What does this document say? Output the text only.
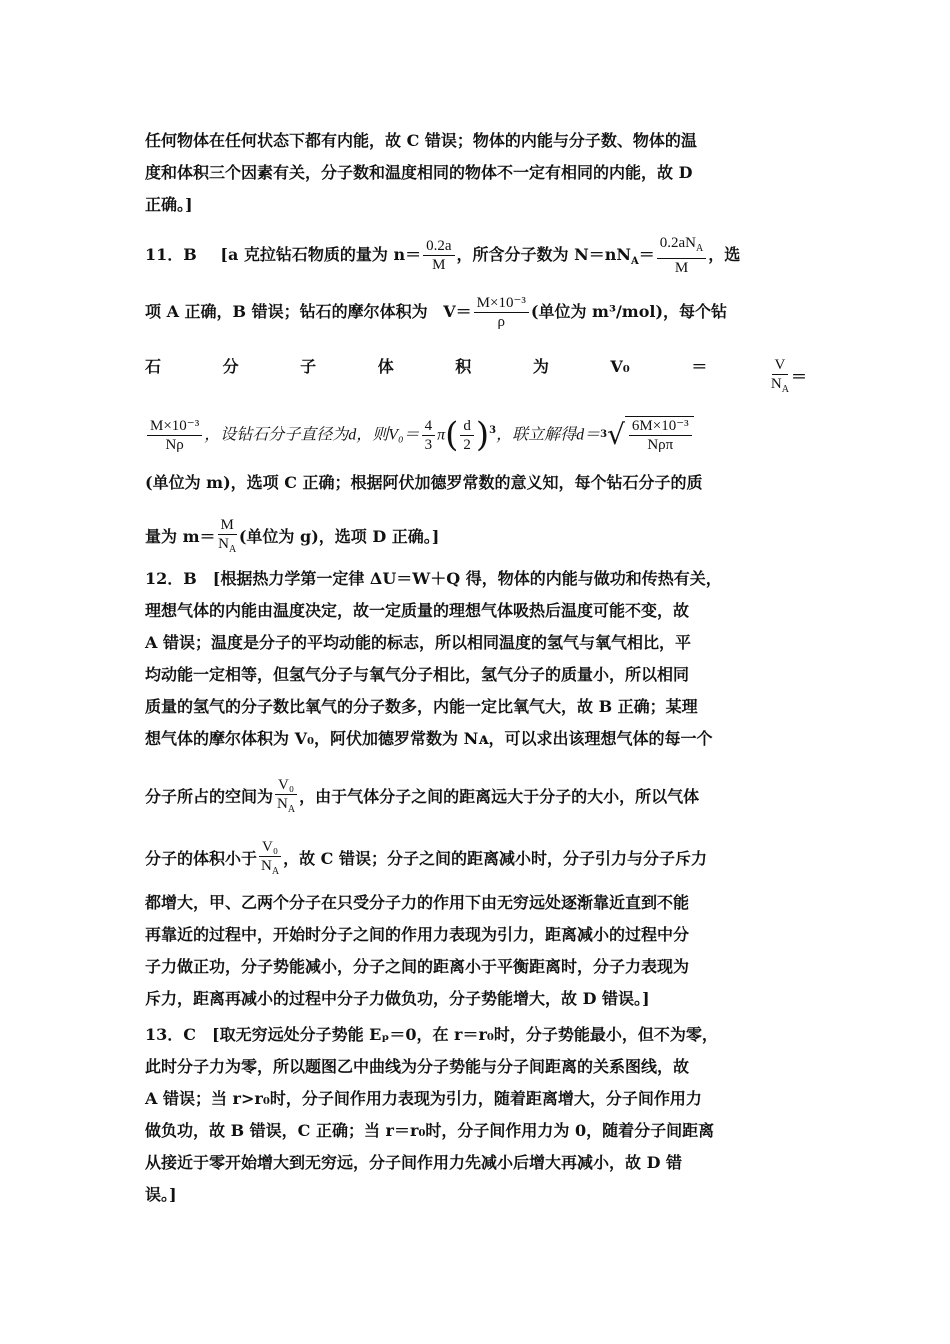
任何物体在任何状态下都有内能，故 C 错误；物体的内能与分子数、物体的温
度和体积三个因素有关，分子数和温度相同的物体不一定有相同的内能，故 D
正确。]
11．B [a 克拉钻石物质的量为 $n= \frac{0.2a}{M}$ ，所含分子数为 $N=nN_A= \frac{0.2aN_A}{M}$ ，选
项 A 正确，B 错误；钻石的摩尔体积为 $V= \frac{\text{M×10⁻³}}{\rho}$ (单位为 m³/mol)，每个钻
石	分	子	体	积	为	V₀	＝	$\frac{V}{N_A}$ ＝
$\frac{\text{M×10⁻³}}{N\rho}$ ，设钻石分子直径为d，则$V_0= \frac{4}{3} \pi( \frac{d}{2} )^3$，联立解得d＝ 3 √ $\frac{\text{6M×10⁻³}}{\text{Nρπ}}$
(单位为 m)，选项 C 正确；根据阿伏加德罗常数的意义知，每个钻石分子的质
量为 $m= \frac{M}{N_A}$ (单位为 g)，选项 D 正确。]
12．B　[根据热力学第一定律 ΔU＝W＋Q 得，物体的内能与做功和传热有关，
理想气体的内能由温度决定，故一定质量的理想气体吸热后温度可能不变，故
A 错误；温度是分子的平均动能的标志，所以相同温度的氢气与氧气相比，平
均动能一定相等，但氢气分子与氧气分子相比，氢气分子的质量小，所以相同
质量的氢气的分子数比氧气的分子数多，内能一定比氧气大，故 B 正确；某理
想气体的摩尔体积为 V₀，阿伏加德罗常数为 Nᴀ，可以求出该理想气体的每一个
分子所占的空间为 $\frac{\text{V₀}}{N_A}$ ，由于气体分子之间的距离远大于分子的大小，所以气体
分子的体积小于 $\frac{\text{V₀}}{N_A}$ ，故 C 错误；分子之间的距离减小时，分子引力与分子斥力
都增大，甲、乙两个分子在只受分子力的作用下由无穷远处逐渐靠近直到不能
再靠近的过程中，开始时分子之间的作用力表现为引力，距离减小的过程中分
子力做正功，分子势能减小，分子之间的距离小于平衡距离时，分子力表现为
斥力，距离再减小的过程中分子力做负功，分子势能增大，故 D 错误。]
13．C　[取无穷远处分子势能 Eₚ＝0，在 r＝r₀时，分子势能最小，但不为零，
此时分子力为零，所以题图乙中曲线为分子势能与分子间距离的关系图线，故
A 错误；当 r>r₀时，分子间作用力表现为引力，随着距离增大，分子间作用力
做负功，故 B 错误，C 正确；当 r＝r₀时，分子间作用力为 0，随着分子间距离
从接近于零开始增大到无穷远，分子间作用力先减小后增大再减小，故 D 错
误。]
